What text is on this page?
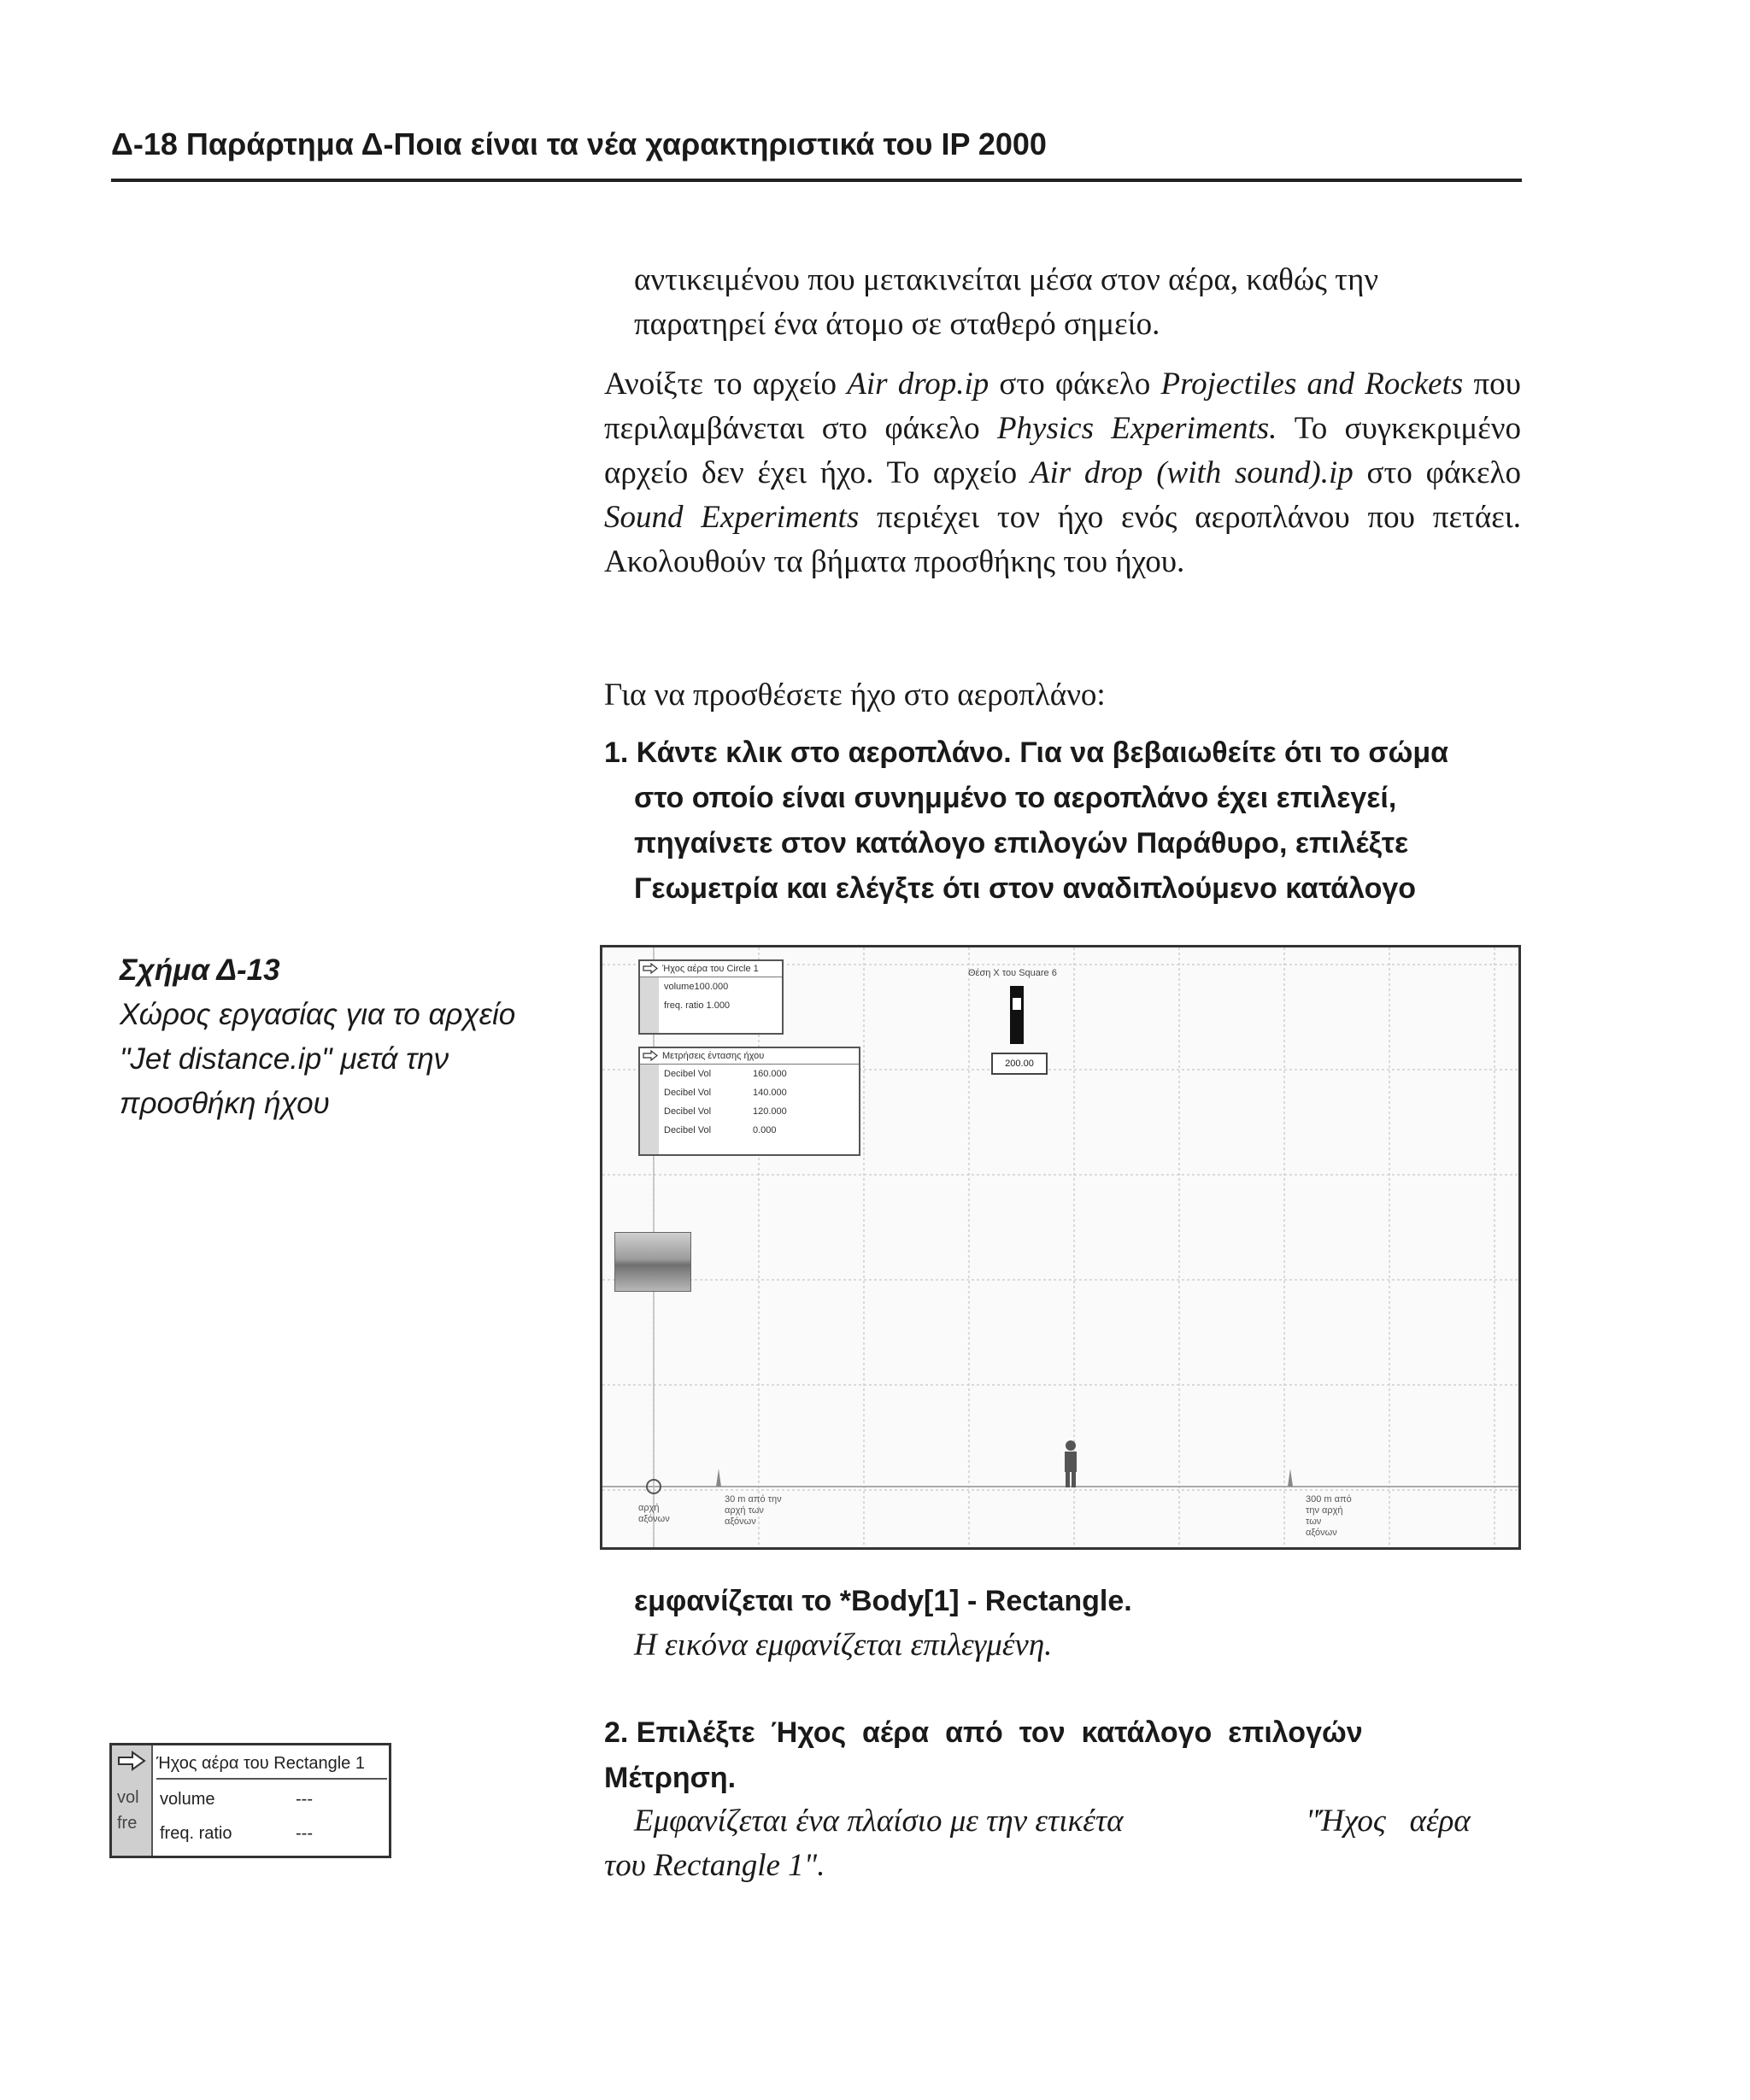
Δ-18 Παράρτημα Δ-Ποια είναι τα νέα χαρακτηριστικά του IP 2000
αντικειμένου που μετακινείται μέσα στον αέρα, καθώς την
παρατηρεί ένα άτομο σε σταθερό σημείο.

Ανοίξτε το αρχείο Air drop.ip στο φάκελο Projectiles and Rockets που περιλαμβάνεται στο φάκελο Physics Experiments. Το συγκεκριμένο αρχείο δεν έχει ήχο. Το αρχείο Air drop (with sound).ip στο φάκελο Sound Experiments περιέχει τον ήχο ενός αεροπλάνου που πετάει. Ακολουθούν τα βήματα προσθήκης του ήχου.

Για να προσθέσετε ήχο στο αεροπλάνο:
1. Κάντε κλικ στο αεροπλάνο. Για να βεβαιωθείτε ότι το σώμα
στο οποίο είναι συνημμένο το αεροπλάνο έχει επιλεγεί,
πηγαίνετε στον κατάλογο επιλογών Παράθυρο, επιλέξτε
Γεωμετρία και ελέγξτε ότι στον αναδιπλούμενο κατάλογο
Σχήμα Δ-13
Χώρος εργασίας για το αρχείο
"Jet distance.ip" μετά την
προσθήκη ήχου
Ήχος αέρα του Circle 1
volume100.000
freq. ratio 1.000
Μετρήσεις έντασης ήχου
Decibel Vol	160.000
Decibel Vol	140.000
Decibel Vol	120.000
Decibel Vol	0.000
Θέση Χ του Square 6
200.00
αρχή
αξόνων
30 m από την
αρχή των
αξόνων
300 m από
την αρχή
των
αξόνων
εμφανίζεται το *Body[1] - Rectangle.
Η εικόνα εμφανίζεται επιλεγμένη.
vol
fre
Ήχος αέρα του Rectangle 1
volume	---
freq. ratio	---
2. Επιλέξτε  Ήχος  αέρα  από  τον  κατάλογο  επιλογών
Μέτρηση.
Εμφανίζεται ένα πλαίσιο με την ετικέτα	"Ήχος   αέρα
του Rectangle 1".
